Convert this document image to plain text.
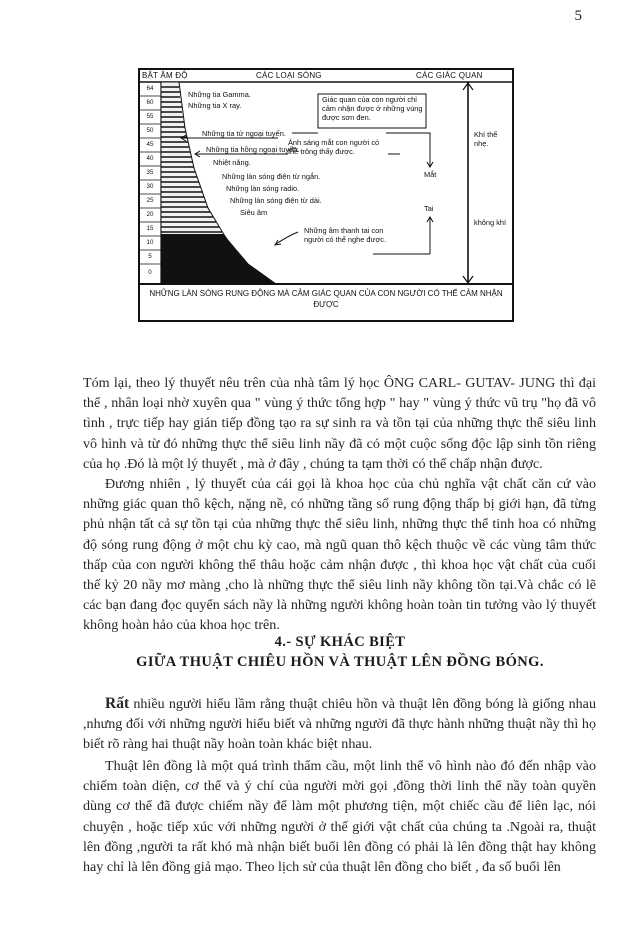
5
BẬT ÂM ĐỘ	CÁC LOẠI SÓNG	CÁC GIÁC QUAN
64
60
55
50
45
40
35
30
25
20
15
10
5
0
Những tia Gamma.
Những tia X ray.
Những tia tử ngoại tuyến.
Những tia hồng ngoại tuyến.
Nhiệt năng.
Những làn sóng điện từ ngắn.
Những làn sóng radio.
Những làn sóng điện từ dài.
Siêu âm
Những âm thanh tai con người có thể nghe được.
Giác quan của con người chỉ cảm nhận được ở những vùng được sơn đen.
Ánh sáng mắt con người có thể trông thấy được.
Mắt
Tai
Khí thể nhẹ.
không khí
NHỮNG LÀN SÓNG RUNG ĐỘNG MÀ CẢM GIÁC QUAN CỦA CON NGƯỜI CÓ THỂ CẢM NHẬN ĐƯỢC

Tóm lại, theo lý thuyết nêu trên của nhà tâm lý học ÔNG CARL- GUTAV- JUNG thì đại thể , nhân loại nhờ xuyên qua " vùng ý thức tổng hợp " hay " vùng ý thức vũ trụ "họ đã vô tình , trực tiếp hay gián tiếp đồng tạo ra sự sinh ra và tồn tại của những thực thể siêu linh vô hình và từ đó những thực thể siêu linh nầy đã có một cuộc sống độc lập sinh tồn riêng của họ .Đó là một lý thuyết , mà ở đây , chúng ta tạm thời có thể chấp nhận được.

Đương nhiên , lý thuyết của cái gọi là khoa học của chủ nghĩa vật chất căn cứ vào những giác quan thô kệch, nặng nề, có những tầng số rung động thấp bị giới hạn, đã từng phủ nhận tất cả sự tồn tại của những thực thể siêu linh, những thực thể tinh hoa có những độ sóng rung động ở một chu kỳ cao, mà ngũ quan thô kệch thuộc về các vùng tâm thức thấp của con người không thể thâu hoặc cảm nhận được , thì khoa học vật chất của cuối thế kỷ 20 nầy mơ màng ,cho là những thực thể siêu linh nầy không tồn tại.Và chắc có lẽ các bạn đang đọc quyển sách nầy là những người không hoàn toàn tin tưởng vào lý thuyết không hoàn hảo của khoa học trên.

4.- SỰ KHÁC BIỆT
GIỮA THUẬT CHIÊU HỒN VÀ THUẬT LÊN ĐỒNG BÓNG.

Rất nhiều người hiểu lầm rằng thuật chiêu hồn và thuật lên đồng bóng là giống nhau ,nhưng đối với những người hiểu biết và những người đã thực hành những thuật nầy thì họ biết rõ ràng hai thuật nầy hoàn toàn khác biệt nhau.

Thuật lên đồng là một quá trình thẩm cầu, một linh thể vô hình nào đó đến nhập vào chiếm toàn diện, cơ thể và ý chí của người mời gọi ,đồng thời linh thể nầy toàn quyền dùng cơ thể đã được chiếm nầy để làm một phương tiện, một chiếc cầu để liên lạc, nói chuyện , hoặc tiếp xúc với những người ở thế giới vật chất của chúng ta .Ngoài ra, thuật lên đồng ,người ta rất khó mà nhận biết buổi lên đồng có phải là lên đồng thật hay không hay chỉ là lên đồng giả mạo. Theo lịch sử của thuật lên đồng cho biết , đa số buổi lên
